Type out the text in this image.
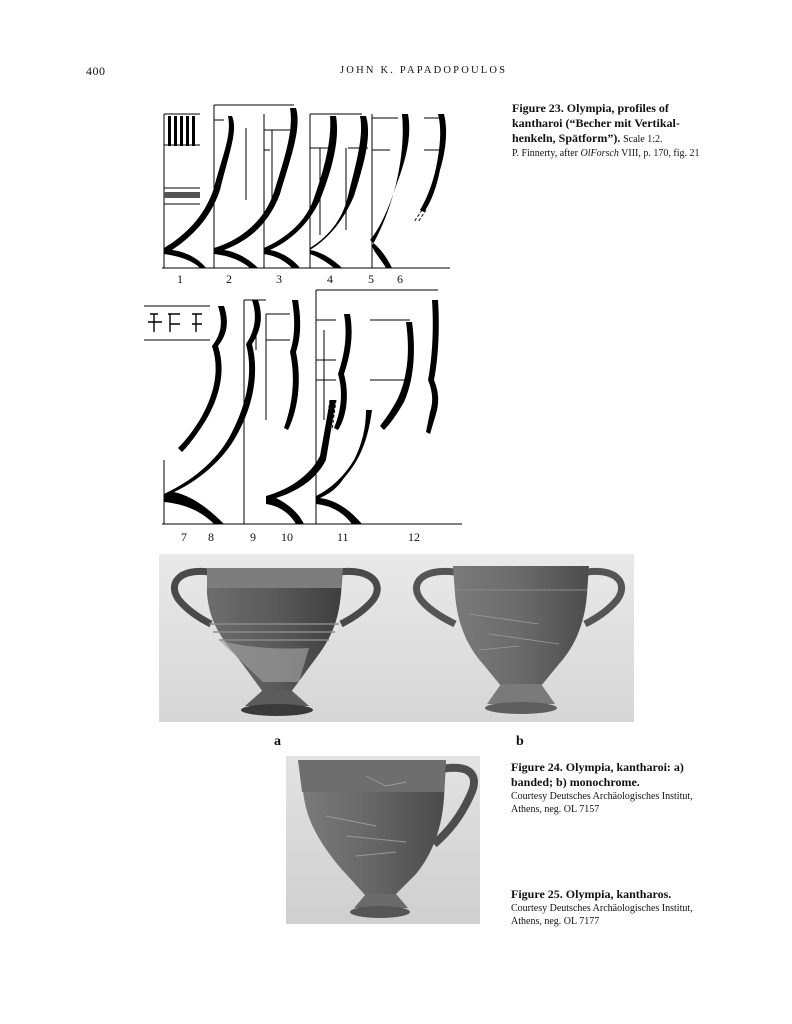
400	JOHN K. PAPADOPOULOS
1	2	3	4	5 6
7 8	9 10	11	12
Figure 23. Olympia, profiles of kantharoi (“Becher mit Vertikal-henkeln, Spätform”). Scale 1:2.
P. Finnerty, after OlForsch VIII, p. 170, fig. 21
a	b
Figure 24. Olympia, kantharoi: a) banded; b) monochrome.
Courtesy Deutsches Archäologisches Institut, Athens, neg. OL 7157
Figure 25. Olympia, kantharos.
Courtesy Deutsches Archäologisches Institut, Athens, neg. OL 7177
